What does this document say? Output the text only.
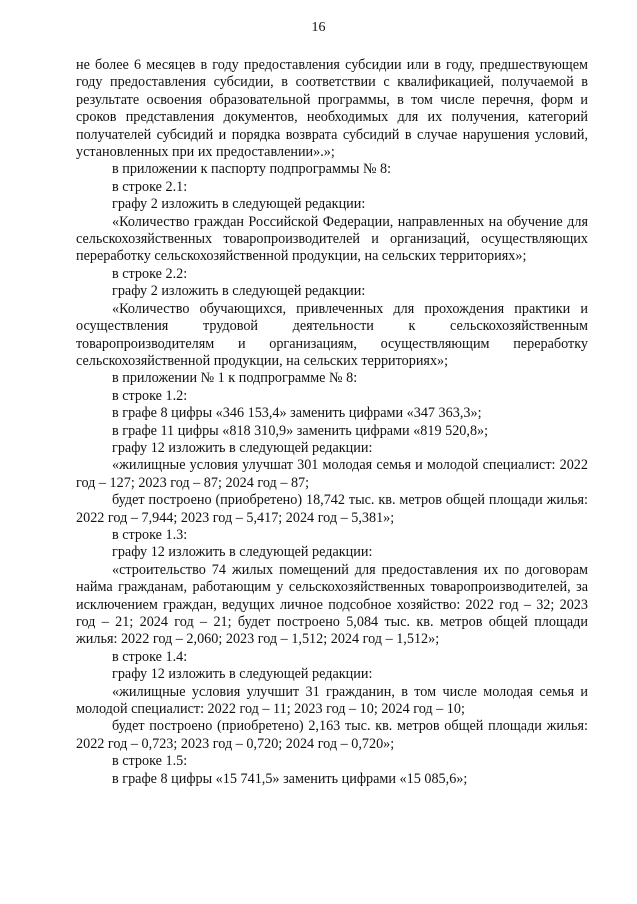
16

не более 6 месяцев в году предоставления субсидии или в году, предшествующем году предоставления субсидии, в соответствии с квалификацией, получаемой в результате освоения образовательной программы, в том числе перечня, форм и сроков представления документов, необходимых для их получения, категорий получателей субсидий и порядка возврата субсидий в случае нарушения условий, установленных при их предоставлении».»;

в приложении к паспорту подпрограммы № 8:

в строке 2.1:

графу 2 изложить в следующей редакции:

«Количество граждан Российской Федерации, направленных на обучение для сельскохозяйственных товаропроизводителей и организаций, осуществляющих переработку сельскохозяйственной продукции, на сельских территориях»;

в строке 2.2:

графу 2 изложить в следующей редакции:

«Количество обучающихся, привлеченных для прохождения практики и осуществления трудовой деятельности к сельскохозяйственным товаропроизводителям и организациям, осуществляющим переработку сельскохозяйственной продукции, на сельских территориях»;

в приложении № 1 к подпрограмме № 8:

в строке 1.2:

в графе 8 цифры «346 153,4» заменить цифрами «347 363,3»;

в графе 11 цифры «818 310,9» заменить цифрами «819 520,8»;

графу 12 изложить в следующей редакции:

«жилищные условия улучшат 301 молодая семья и молодой специалист: 2022 год – 127; 2023 год – 87; 2024 год – 87;

будет построено (приобретено) 18,742 тыс. кв. метров общей площади жилья: 2022 год – 7,944; 2023 год – 5,417; 2024 год – 5,381»;

в строке 1.3:

графу 12 изложить в следующей редакции:

«строительство 74 жилых помещений для предоставления их по договорам найма гражданам, работающим у сельскохозяйственных товаропроизводителей, за исключением граждан, ведущих личное подсобное хозяйство: 2022 год – 32; 2023 год – 21; 2024 год – 21; будет построено 5,084 тыс. кв. метров общей площади жилья: 2022 год – 2,060; 2023 год – 1,512; 2024 год – 1,512»;

в строке 1.4:

графу 12 изложить в следующей редакции:

«жилищные условия улучшит 31 гражданин, в том числе молодая семья и молодой специалист: 2022 год – 11; 2023 год – 10; 2024 год – 10;

будет построено (приобретено) 2,163 тыс. кв. метров общей площади жилья: 2022 год – 0,723; 2023 год – 0,720; 2024 год – 0,720»;

в строке 1.5:

в графе 8 цифры «15 741,5» заменить цифрами «15 085,6»;
